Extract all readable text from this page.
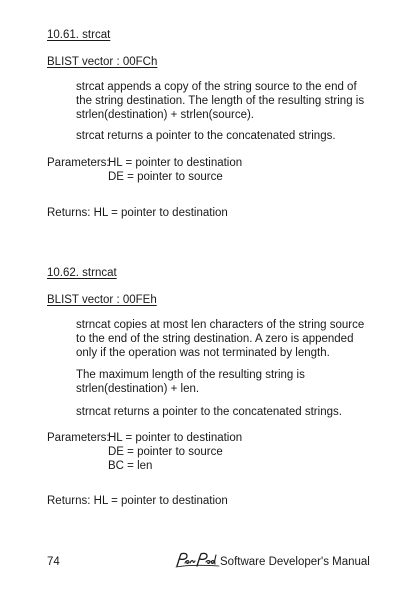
10.61. strcat
BLIST vector : 00FCh
strcat appends a copy of the string source to the end of
the string destination. The length of the resulting string is
strlen(destination) + strlen(source).
strcat returns a pointer to the concatenated strings.
Parameters:
HL = pointer to destination
DE = pointer to source
Returns: HL = pointer to destination
10.62. strncat
BLIST vector : 00FEh
strncat copies at most len characters of the string source
to the end of the string destination. A zero is appended
only if the operation was not terminated by length.
The maximum length of the resulting string is
strlen(destination) + len.
strncat returns a pointer to the concatenated strings.
Parameters:
HL = pointer to destination
DE = pointer to source
BC = len
Returns: HL = pointer to destination
74	Software Developer's Manual
